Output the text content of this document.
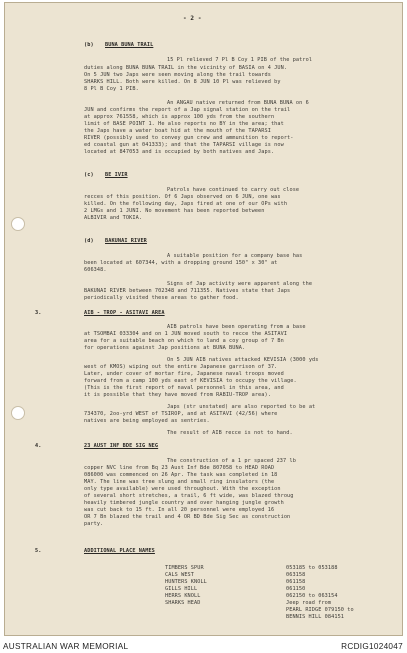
- 2 -
(b) BUNA BUNA TRAIL
15 Pl relieved 7 Pl B Coy 1 PIB of the patrol
duties along BUNA BUNA TRAIL in the vicinity of BASIA on 4 JUN.
On 5 JUN two Japs were seen moving along the trail towards
SHARKS HILL. Both were killed. On 8 JUN 10 Pl was relieved by
8 Pl B Coy 1 PIB.
An ANGAU native returned from BUNA BUNA on 6
JUN and confirms the report of a Jap signal station on the trail
at approx 761558, which is approx 100 yds from the southern
limit of BASE POINT 1. He also reports no BY in the area; that
the Japs have a water boat hid at the mouth of the TAPARSI
RIVER (possibly used to convey gun crew and ammunition to report-
ed coastal gun at 041333); and that the TAPARSI village is now
located at 847053 and is occupied by both natives and Japs.
(c) BE IVIR
Patrols have continued to carry out close
recces of this position. Of 6 Japs observed on 6 JUN, one was
killed. On the following day, Japs fired at one of our OPs with
2 LMGs and 1 JUNI. No movement has been reported between
ALBIVIR and TOKIA.
(d) BAKUNAI RIVER
A suitable position for a company base has
been located at 607344, with a dropping ground 150" x 30" at
606348.
Signs of Jap activity were apparent along the
BAKUNAI RIVER between 702348 and 711355. Natives state that Japs
periodically visited these areas to gather food.
3.	AIB - TROP - ASITAVI AREA
AIB patrols have been operating from a base
at TSOMBAI 033304 and on 1 JUN moved south to recce the ASITAVI
area for a suitable beach on which to land a coy group of 7 Bn
for operations against Jap positions at BUNA BUNA.
On 5 JUN AIB natives attacked KEVISIA (3000 yds
west of KMOS) wiping out the entire Japanese garrison of 37.
Later, under cover of mortar fire, Japanese naval troops moved
forward from a camp 100 yds east of KEVISIA to occupy the village.
(This is the first report of naval personnel in this area, and
it is possible that they have moved from RABIU-TROP area).
Japs (str unstated) are also reported to be at
734370, 2oo-yrd WEST of TSIROP, and at ASITAVI (42/56) where
natives are being employed as sentries.
The result of AIB recce is not to hand.
4.	23 AUST INF BDE SIG NEG
The construction of a 1 pr spaced 237 lb
copper NVC line from Bq 23 Aust Inf Bde 807058 to HEAD ROAD
086000 was commenced on 26 Apr. The task was completed in 18
MAY. The line was tree slung and small ring insulators (the
only type available) were used throughout. With the exception
of several short stretches, a trail, 6 ft wide, was blazed throug
heavily timbered jungle country and over hanging jungle growth
was cut back to 15 ft. In all 20 personnel were employed 16
OR 7 Bn blazed the trail and 4 OR BD Bde Sig Sec as construction
party.
5.	ADDITIONAL PLACE NAMES
TIMBERS SPUR	053185 to 053188
CALS WEST	063158
HUNTERS KNOLL	061158
GILLS HILL	061150
HERRS KNOLL	062150 to 063154
SHARKS HEAD	Jeep road from
PEARL RIDGE 079150 to
BENNIS HILL 084151
AUSTRALIAN WAR MEMORIAL	RCDIG1024047
